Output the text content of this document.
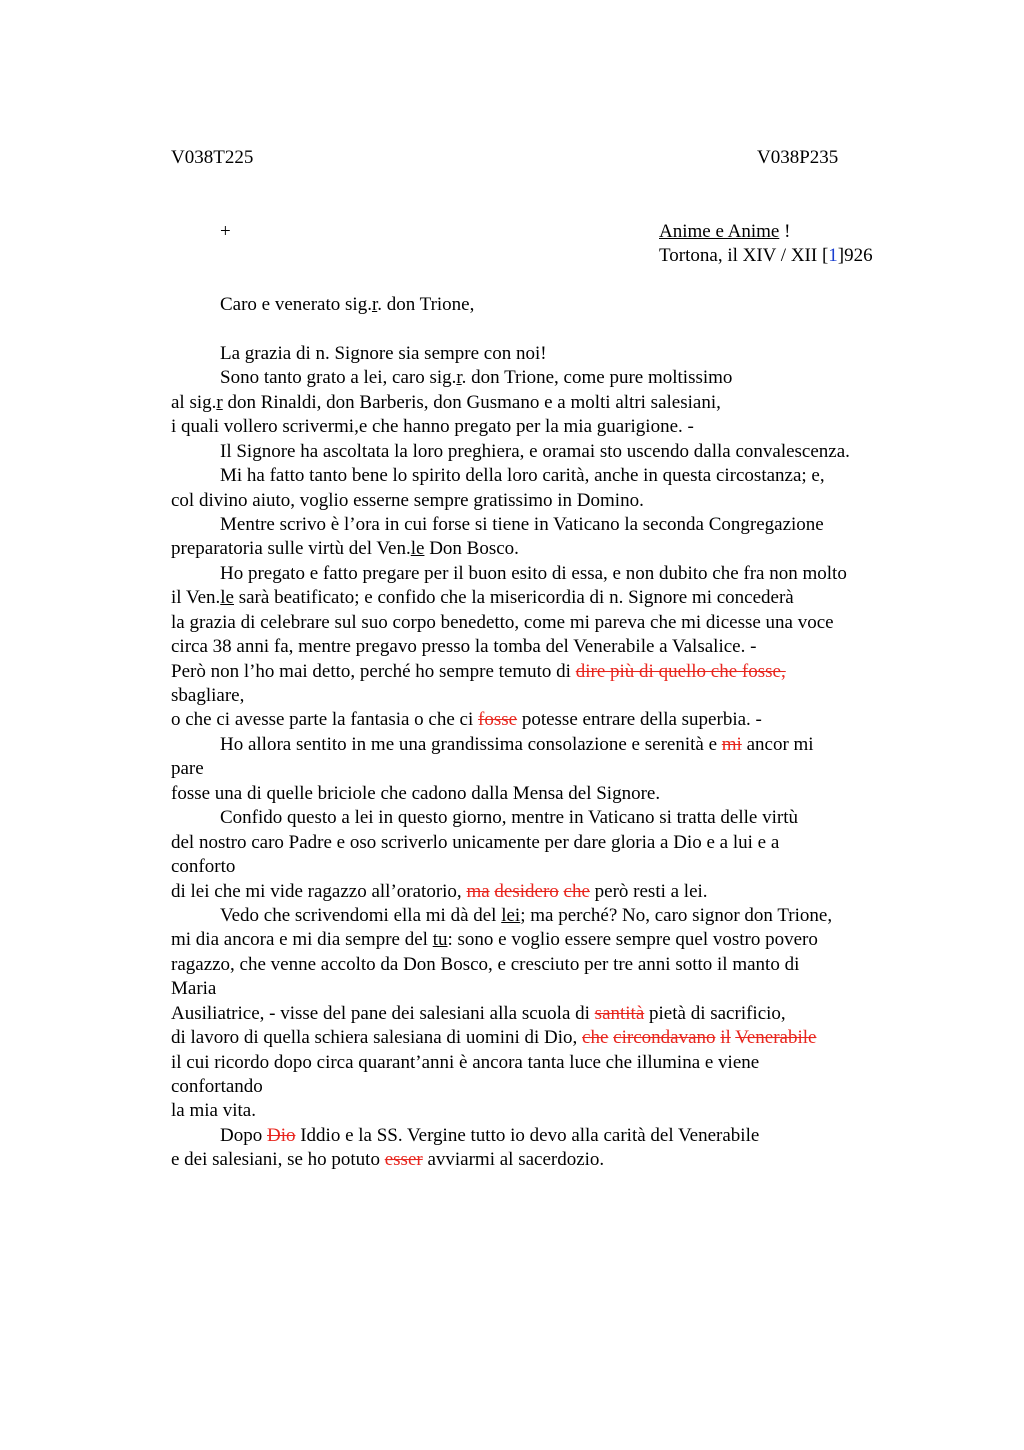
V038T225	V038P235
+	Anime e Anime !
Tortona, il XIV / XII [1]926
Caro e venerato sig.r. don Trione,
La grazia di n. Signore sia sempre con noi!
Sono tanto grato a lei, caro sig.r. don Trione, come pure moltissimo
al sig.r don Rinaldi, don Barberis, don Gusmano e a molti altri salesiani,
i quali vollero scrivermi,e che hanno pregato per la mia guarigione. -
Il Signore ha ascoltata la loro preghiera, e oramai sto uscendo dalla convalescenza.
Mi ha fatto tanto bene lo spirito della loro carità, anche in questa circostanza; e,
col divino aiuto, voglio esserne sempre gratissimo in Domino.
Mentre scrivo è l’ora in cui forse si tiene in Vaticano la seconda Congregazione
preparatoria sulle virtù del Ven.le Don Bosco.
Ho pregato e fatto pregare per il buon esito di essa, e non dubito che fra non molto
il Ven.le sarà beatificato; e confido che la misericordia di n. Signore mi concederà
la grazia di celebrare sul suo corpo benedetto, come mi pareva che mi dicesse una voce
circa 38 anni fa, mentre pregavo presso la tomba del Venerabile a Valsalice. -
Però non l’ho mai detto, perché ho sempre temuto di dire più di quello che fosse,
sbagliare,
o che ci avesse parte la fantasia o che ci fosse potesse entrare della superbia. -
Ho allora sentito in me una grandissima consolazione e serenità e mi ancor mi
pare
fosse una di quelle briciole che cadono dalla Mensa del Signore.
Confido questo a lei in questo giorno, mentre in Vaticano si tratta delle virtù
del nostro caro Padre e oso scriverlo unicamente per dare gloria a Dio e a lui e a
conforto
di lei che mi vide ragazzo all’oratorio, ma desidero che però resti a lei.
Vedo che scrivendomi ella mi dà del lei; ma perché? No, caro signor don Trione,
mi dia ancora e mi dia sempre del tu: sono e voglio essere sempre quel vostro povero
ragazzo, che venne accolto da Don Bosco, e cresciuto per tre anni sotto il manto di
Maria
Ausiliatrice, - visse del pane dei salesiani alla scuola di santità pietà di sacrificio,
di lavoro di quella schiera salesiana di uomini di Dio, che circondavano il Venerabile
il cui ricordo dopo circa quarant’anni è ancora tanta luce che illumina e viene
confortando
la mia vita.
Dopo Dio Iddio e la SS. Vergine tutto io devo alla carità del Venerabile
e dei salesiani, se ho potuto esser avviarmi al sacerdozio.
